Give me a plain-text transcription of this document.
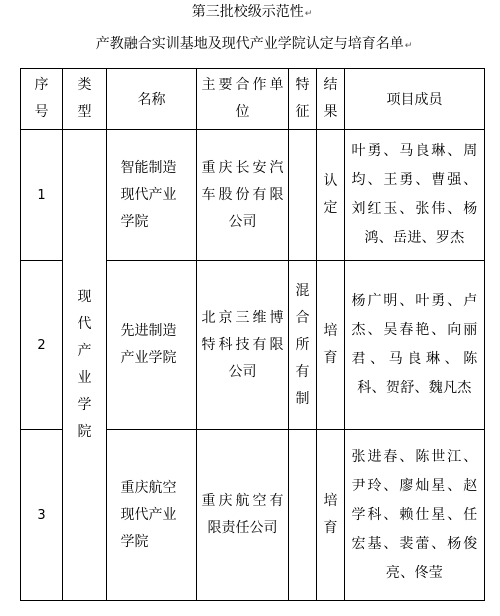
第三批校级示范性↵
产教融合实训基地及现代产业学院认定与培育名单↵
序号	类型	名称	主要合作单位	特征	结果	项目成员
1	现代产业学院	智能制造现代产业学院	重庆长安汽车股份有限公司		认定	叶勇、马良琳、周均、王勇、曹强、刘红玉、张伟、杨鸿、岳进、罗杰

2		先进制造产业学院	北京三维博特科技有限公司	混合所有制	培育	杨广明、叶勇、卢杰、吴春艳、向丽君、马良琳、陈科、贺舒、魏凡杰

3		重庆航空现代产业学院	重庆航空有限责任公司		培育	张进春、陈世江、尹玲、廖灿星、赵学科、赖仕星、任宏基、裴蕾、杨俊亮、佟莹
